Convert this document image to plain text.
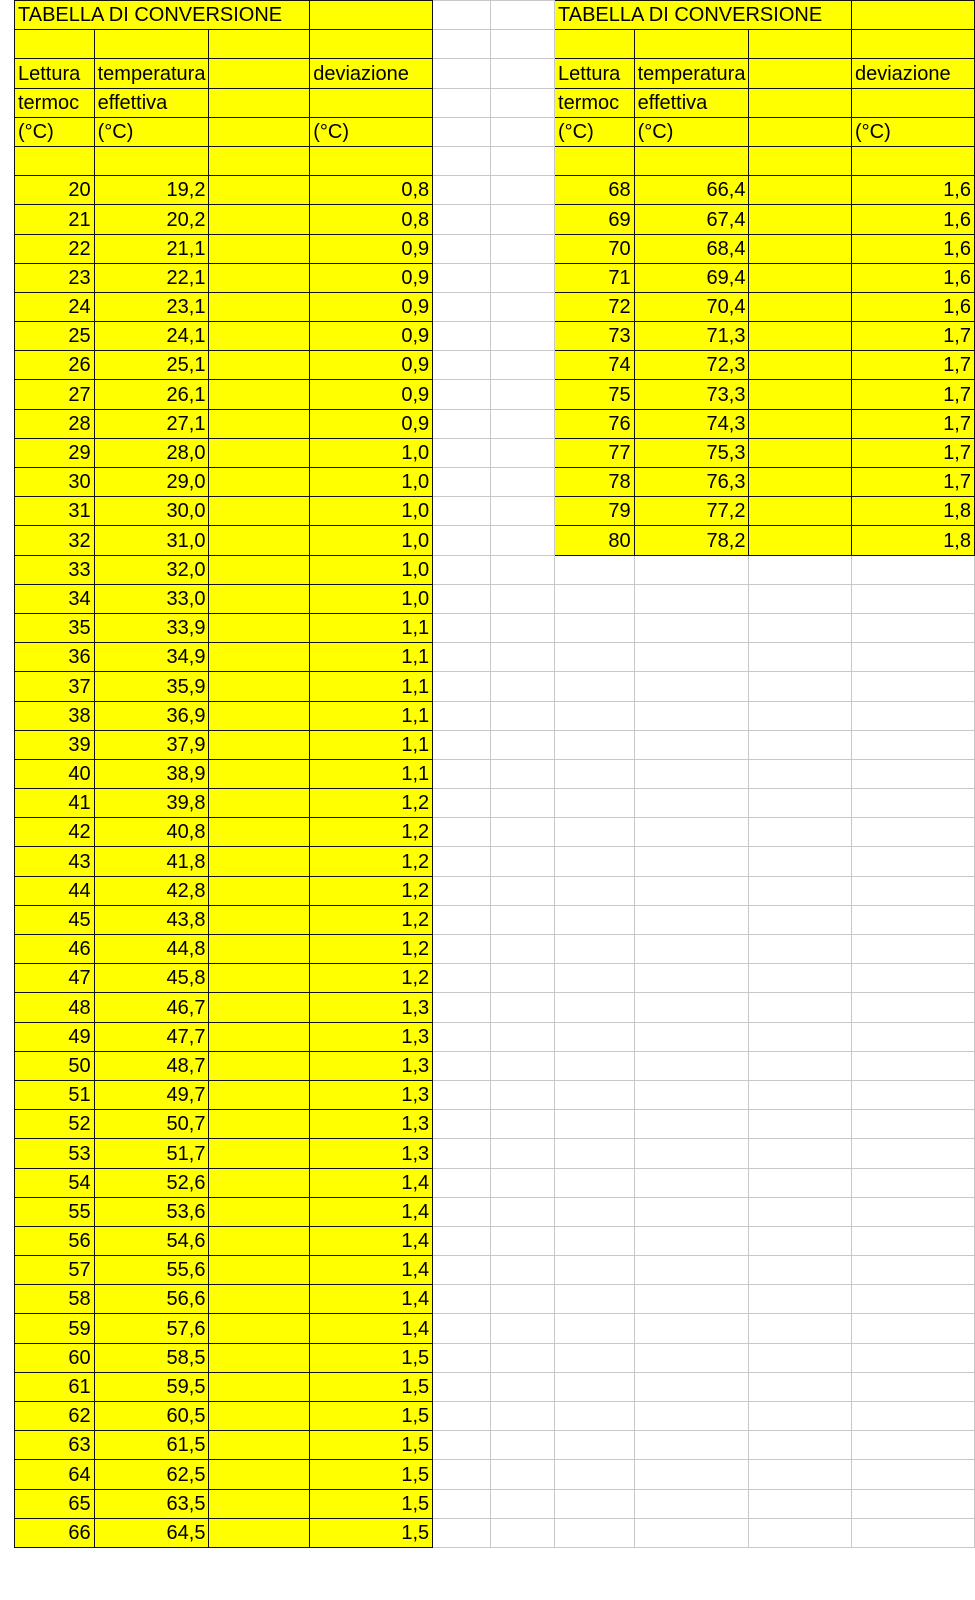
TABELLA DI CONVERSIONE						TABELLA DI CONVERSIONE			

Lettura	temperatura		deviazione			Lettura	temperatura		deviazione
termoc	effettiva					termoc	effettiva		
(°C)	(°C)		(°C)			(°C)	(°C)		(°C)

20	19,2		0,8			68	66,4		1,6
21	20,2		0,8			69	67,4		1,6
22	21,1		0,9			70	68,4		1,6
23	22,1		0,9			71	69,4		1,6
24	23,1		0,9			72	70,4		1,6
25	24,1		0,9			73	71,3		1,7
26	25,1		0,9			74	72,3		1,7
27	26,1		0,9			75	73,3		1,7
28	27,1		0,9			76	74,3		1,7
29	28,0		1,0			77	75,3		1,7
30	29,0		1,0			78	76,3		1,7
31	30,0		1,0			79	77,2		1,8
32	31,0		1,0			80	78,2		1,8
33	32,0		1,0						
34	33,0		1,0						
35	33,9		1,1						
36	34,9		1,1						
37	35,9		1,1						
38	36,9		1,1						
39	37,9		1,1						
40	38,9		1,1						
41	39,8		1,2						
42	40,8		1,2						
43	41,8		1,2						
44	42,8		1,2						
45	43,8		1,2						
46	44,8		1,2						
47	45,8		1,2						
48	46,7		1,3						
49	47,7		1,3						
50	48,7		1,3						
51	49,7		1,3						
52	50,7		1,3						
53	51,7		1,3						
54	52,6		1,4						
55	53,6		1,4						
56	54,6		1,4						
57	55,6		1,4						
58	56,6		1,4						
59	57,6		1,4						
60	58,5		1,5						
61	59,5		1,5						
62	60,5		1,5						
63	61,5		1,5						
64	62,5		1,5						
65	63,5		1,5						
66	64,5		1,5						
